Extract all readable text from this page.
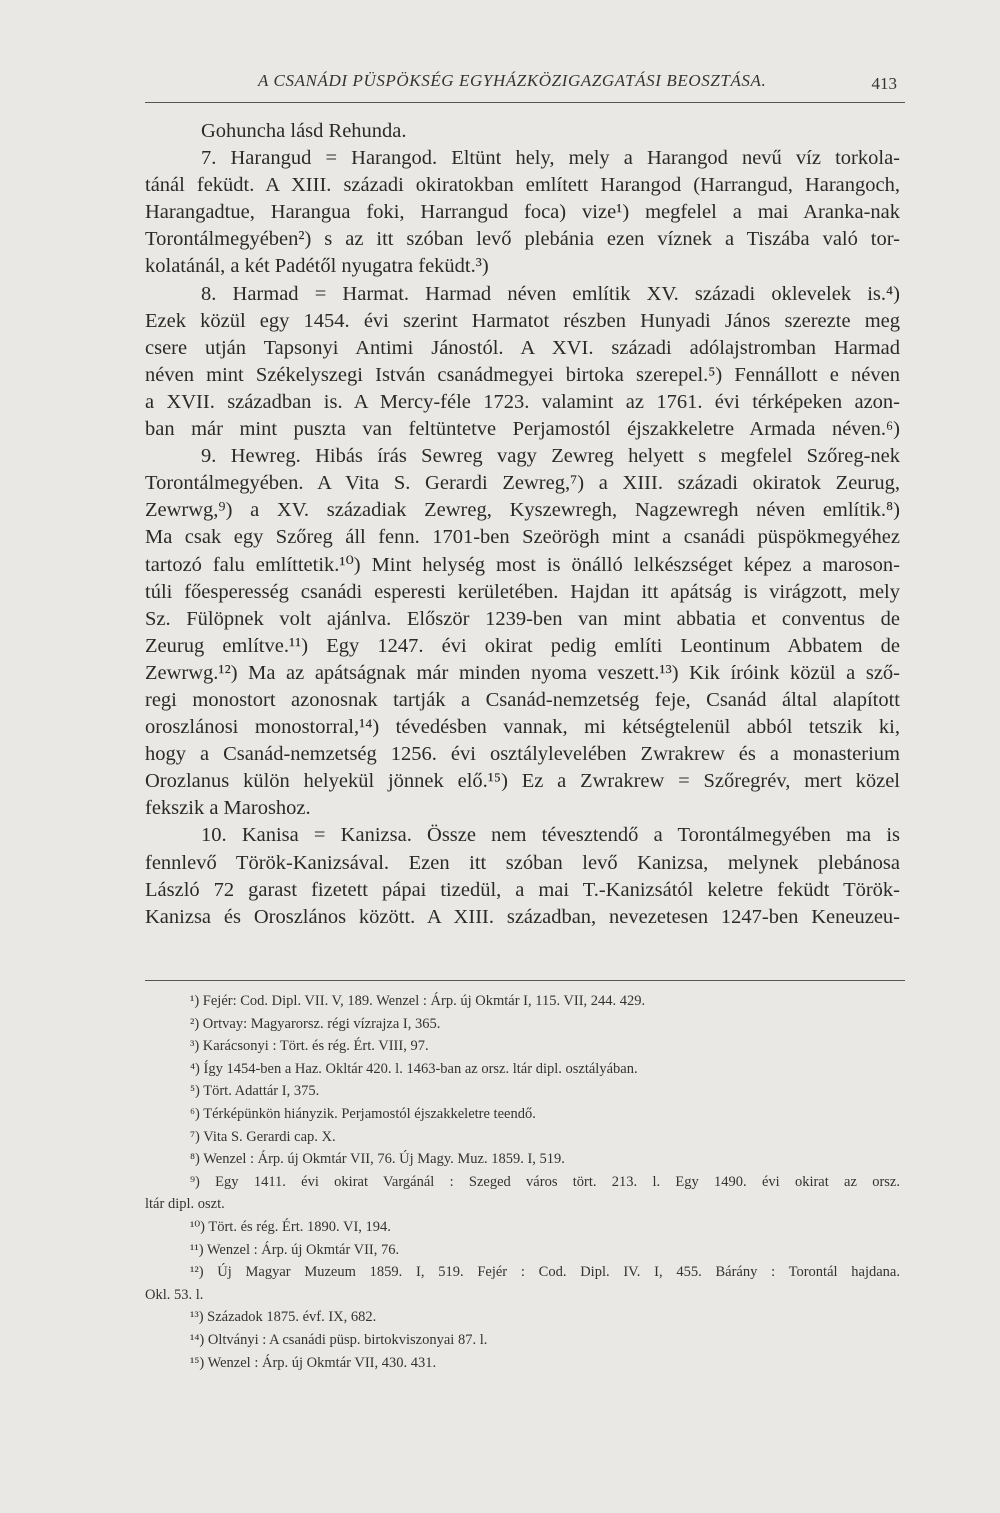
A CSANÁDI PÜSPÖKSÉG EGYHÁZKÖZIGAZGATÁSI BEOSZTÁSA.	413
Gohuncha lásd Rehunda.
7. Harangud = Harangod. Eltünt hely, mely a Harangod nevű víz torkola-
tánál feküdt. A XIII. századi okiratokban említett Harangod (Harrangud, Harangoch,
Harangadtue, Harangua foki, Harrangud foca) vize¹) megfelel a mai Aranka-nak
Torontálmegyében²) s az itt szóban levő plebánia ezen víznek a Tiszába való tor-
kolatánál, a két Padétől nyugatra feküdt.³)
8. Harmad = Harmat. Harmad néven említik XV. századi oklevelek is.⁴)
Ezek közül egy 1454. évi szerint Harmatot részben Hunyadi János szerezte meg
csere utján Tapsonyi Antimi Jánostól. A XVI. századi adólajstromban Harmad
néven mint Székelyszegi István csanádmegyei birtoka szerepel.⁵) Fennállott e néven
a XVII. században is. A Mercy-féle 1723. valamint az 1761. évi térképeken azon-
ban már mint puszta van feltüntetve Perjamostól éjszakkeletre Armada néven.⁶)
9. Hewreg. Hibás írás Sewreg vagy Zewreg helyett s megfelel Szőreg-nek
Torontálmegyében. A Vita S. Gerardi Zewreg,⁷) a XIII. századi okiratok Zeurug,
Zewrwg,⁹) a XV. századiak Zewreg, Kyszewregh, Nagzewregh néven említik.⁸)
Ma csak egy Szőreg áll fenn. 1701-ben Szeörögh mint a csanádi püspökmegyéhez
tartozó falu említtetik.¹⁰) Mint helység most is önálló lelkészséget képez a maroson-
túli főesperesség csanádi esperesti kerületében. Hajdan itt apátság is virágzott, mely
Sz. Fülöpnek volt ajánlva. Először 1239-ben van mint abbatia et conventus de
Zeurug említve.¹¹) Egy 1247. évi okirat pedig említi Leontinum Abbatem de
Zewrwg.¹²) Ma az apátságnak már minden nyoma veszett.¹³) Kik íróink közül a sző-
regi monostort azonosnak tartják a Csanád-nemzetség feje, Csanád által alapított
oroszlánosi monostorral,¹⁴) tévedésben vannak, mi kétségtelenül abból tetszik ki,
hogy a Csanád-nemzetség 1256. évi osztálylevelében Zwrakrew és a monasterium
Orozlanus külön helyekül jönnek elő.¹⁵) Ez a Zwrakrew = Szőregrév, mert közel
fekszik a Maroshoz.
10. Kanisa = Kanizsa. Össze nem tévesztendő a Torontálmegyében ma is
fennlevő Török-Kanizsával. Ezen itt szóban levő Kanizsa, melynek plebánosa
László 72 garast fizetett pápai tizedül, a mai T.-Kanizsától keletre feküdt Török-
Kanizsa és Oroszlános között. A XIII. században, nevezetesen 1247-ben Keneuzeu-
¹) Fejér: Cod. Dipl. VII. V, 189. Wenzel : Árp. új Okmtár I, 115. VII, 244. 429.
²) Ortvay: Magyarorsz. régi vízrajza I, 365.
³) Karácsonyi : Tört. és rég. Ért. VIII, 97.
⁴) Így 1454-ben a Haz. Okltár 420. l. 1463-ban az orsz. ltár dipl. osztályában.
⁵) Tört. Adattár I, 375.
⁶) Térképünkön hiányzik. Perjamostól éjszakkeletre teendő.
⁷) Vita S. Gerardi cap. X.
⁸) Wenzel : Árp. új Okmtár VII, 76. Új Magy. Muz. 1859. I, 519.
⁹) Egy 1411. évi okirat Vargánál : Szeged város tört. 213. l. Egy 1490. évi okirat az orsz.
ltár dipl. oszt.
¹⁰) Tört. és rég. Ért. 1890. VI, 194.
¹¹) Wenzel : Árp. új Okmtár VII, 76.
¹²) Új Magyar Muzeum 1859. I, 519. Fejér : Cod. Dipl. IV. I, 455. Bárány : Torontál hajdana.
Okl. 53. l.
¹³) Századok 1875. évf. IX, 682.
¹⁴) Oltványi : A csanádi püsp. birtokviszonyai 87. l.
¹⁵) Wenzel : Árp. új Okmtár VII, 430. 431.
